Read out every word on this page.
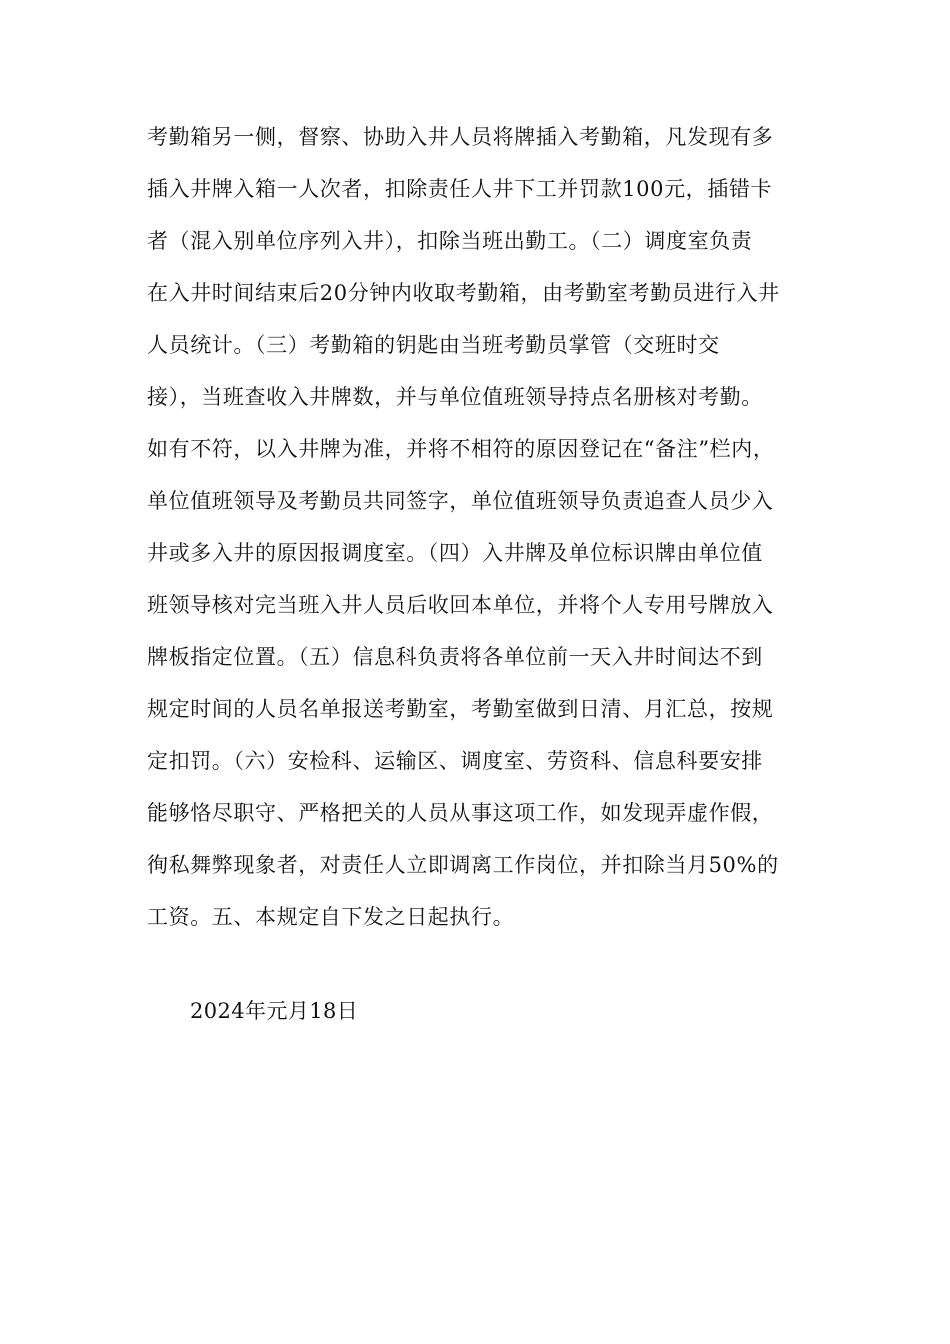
考勤箱另一侧，督察、协助入井人员将牌插入考勤箱，凡发现有多
插入井牌入箱一人次者，扣除责任人井下工并罚款100元，插错卡
者（混入别单位序列入井），扣除当班出勤工。（二）调度室负责
在入井时间结束后20分钟内收取考勤箱，由考勤室考勤员进行入井
人员统计。（三）考勤箱的钥匙由当班考勤员掌管（交班时交
接），当班查收入井牌数，并与单位值班领导持点名册核对考勤。
如有不符，以入井牌为准，并将不相符的原因登记在“备注”栏内，
单位值班领导及考勤员共同签字，单位值班领导负责追查人员少入
井或多入井的原因报调度室。（四）入井牌及单位标识牌由单位值
班领导核对完当班入井人员后收回本单位，并将个人专用号牌放入
牌板指定位置。（五）信息科负责将各单位前一天入井时间达不到
规定时间的人员名单报送考勤室，考勤室做到日清、月汇总，按规
定扣罚。（六）安检科、运输区、调度室、劳资科、信息科要安排
能够恪尽职守、严格把关的人员从事这项工作，如发现弄虚作假，
徇私舞弊现象者，对责任人立即调离工作岗位，并扣除当月50%的
工资。五、本规定自下发之日起执行。
2024年元月18日
